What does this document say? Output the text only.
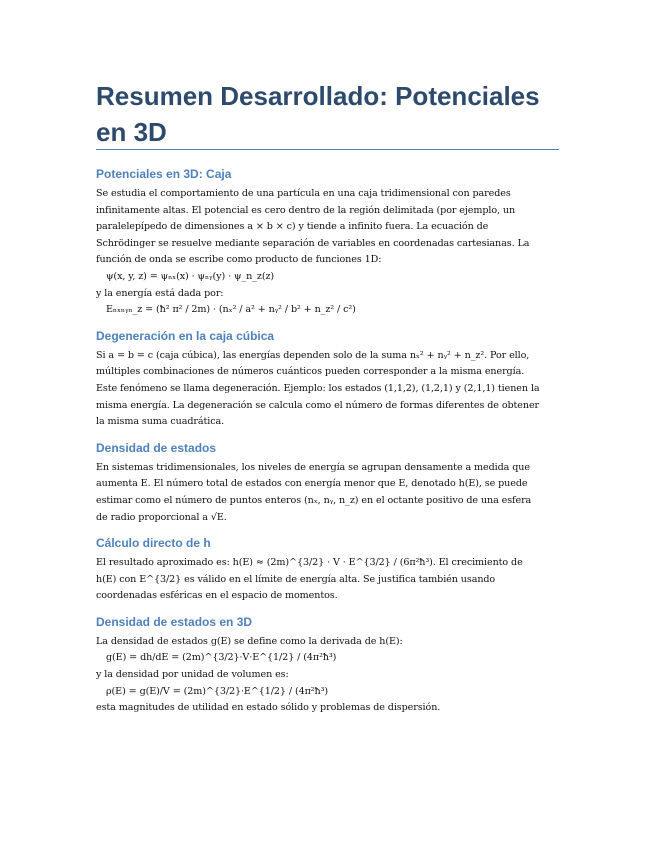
Resumen Desarrollado: Potenciales en 3D
Potenciales en 3D: Caja

Se estudia el comportamiento de una partícula en una caja tridimensional con paredes

infinitamente altas. El potencial es cero dentro de la región delimitada (por ejemplo, un

paralelepípedo de dimensiones a × b × c) y tiende a infinito fuera. La ecuación de

Schrödinger se resuelve mediante separación de variables en coordenadas cartesianas. La

función de onda se escribe como producto de funciones 1D:

ψ(x, y, z) = ψₙₓ(x) · ψₙᵧ(y) · ψ_n_z(z)

y la energía está dada por:

Eₙₓₙᵧₙ_z = (ħ² π² / 2m) · (nₓ² / a² + nᵧ² / b² + n_z² / c²)

Degeneración en la caja cúbica

Si a = b = c (caja cúbica), las energías dependen solo de la suma nₓ² + nᵧ² + n_z². Por ello,

múltiples combinaciones de números cuánticos pueden corresponder a la misma energía.

Este fenómeno se llama degeneración. Ejemplo: los estados (1,1,2), (1,2,1) y (2,1,1) tienen la

misma energía. La degeneración se calcula como el número de formas diferentes de obtener

la misma suma cuadrática.

Densidad de estados

En sistemas tridimensionales, los niveles de energía se agrupan densamente a medida que

aumenta E. El número total de estados con energía menor que E, denotado h(E), se puede

estimar como el número de puntos enteros (nₓ, nᵧ, n_z) en el octante positivo de una esfera

de radio proporcional a √E.

Cálculo directo de h

El resultado aproximado es: h(E) ≈ (2m)^{3/2} · V · E^{3/2} / (6π²ħ³). El crecimiento de

h(E) con E^{3/2} es válido en el límite de energía alta. Se justifica también usando

coordenadas esféricas en el espacio de momentos.

Densidad de estados en 3D

La densidad de estados g(E) se define como la derivada de h(E):

g(E) = dh/dE = (2m)^{3/2}·V·E^{1/2} / (4π²ħ³)

y la densidad por unidad de volumen es:

ρ(E) = g(E)/V = (2m)^{3/2}·E^{1/2} / (4π²ħ³)

esta magnitudes de utilidad en estado sólido y problemas de dispersión.
